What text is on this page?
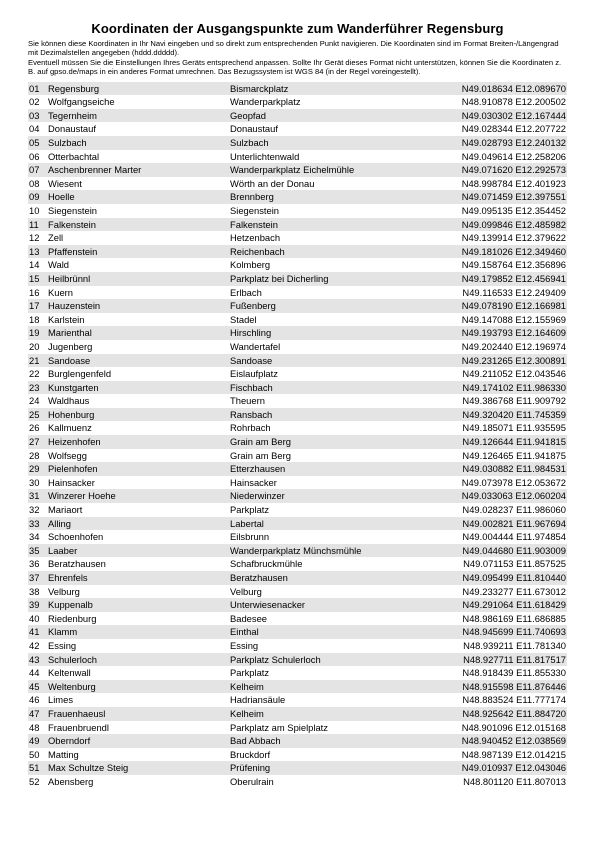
Koordinaten der Ausgangspunkte zum Wanderführer Regensburg

Sie können diese Koordinaten in Ihr Navi eingeben und so direkt zum entsprechenden Punkt navigieren. Die Koordinaten sind im Format Breiten-/Längengrad mit Dezimalstellen angegeben (hddd.ddddd).

Eventuell müssen Sie die Einstellungen Ihres Geräts entsprechend anpassen. Sollte Ihr Gerät dieses Format nicht unterstützen, können Sie die Koordinaten z. B. auf gpso.de/maps in ein anderes Format umrechnen. Das Bezugssystem ist WGS 84 (in der Regel voreingestellt).

01	Regensburg	Bismarckplatz	N49.018634 E12.089670
02	Wolfgangseiche	Wanderparkplatz	N48.910878 E12.200502
03	Tegernheim	Geopfad	N49.030302 E12.167444
04	Donaustauf	Donaustauf	N49.028344 E12.207722
05	Sulzbach	Sulzbach	N49.028793 E12.240132
06	Otterbachtal	Unterlichtenwald	N49.049614 E12.258206
07	Aschenbrenner Marter	Wanderparkplatz Eichelmühle	N49.071620 E12.292573
08	Wiesent	Wörth an der Donau	N48.998784 E12.401923
09	Hoelle	Brennberg	N49.071459 E12.397551
10	Siegenstein	Siegenstein	N49.095135 E12.354452
11	Falkenstein	Falkenstein	N49.099846 E12.485982
12	Zell	Hetzenbach	N49.139914 E12.379622
13	Pfaffenstein	Reichenbach	N49.181026 E12.349460
14	Wald	Kolmberg	N49.158764 E12.356896
15	Heilbrünnl	Parkplatz bei Dicherling	N49.179852 E12.456941
16	Kuern	Erlbach	N49.116533 E12.249409
17	Hauzenstein	Fußenberg	N49.078190 E12.166981
18	Karlstein	Stadel	N49.147088 E12.155969
19	Marienthal	Hirschling	N49.193793 E12.164609
20	Jugenberg	Wandertafel	N49.202440 E12.196974
21	Sandoase	Sandoase	N49.231265 E12.300891
22	Burglengenfeld	Eislaufplatz	N49.211052 E12.043546
23	Kunstgarten	Fischbach	N49.174102 E11.986330
24	Waldhaus	Theuern	N49.386768 E11.909792
25	Hohenburg	Ransbach	N49.320420 E11.745359
26	Kallmuenz	Rohrbach	N49.185071 E11.935595
27	Heizenhofen	Grain am Berg	N49.126644 E11.941815
28	Wolfsegg	Grain am Berg	N49.126465 E11.941875
29	Pielenhofen	Etterzhausen	N49.030882 E11.984531
30	Hainsacker	Hainsacker	N49.073978 E12.053672
31	Winzerer Hoehe	Niederwinzer	N49.033063 E12.060204
32	Mariaort	Parkplatz	N49.028237 E11.986060
33	Alling	Labertal	N49.002821 E11.967694
34	Schoenhofen	Eilsbrunn	N49.004444 E11.974854
35	Laaber	Wanderparkplatz Münchsmühle	N49.044680 E11.903009
36	Beratzhausen	Schafbruckmühle	N49.071153 E11.857525
37	Ehrenfels	Beratzhausen	N49.095499 E11.810440
38	Velburg	Velburg	N49.233277 E11.673012
39	Kuppenalb	Unterwiesenacker	N49.291064 E11.618429
40	Riedenburg	Badesee	N48.986169 E11.686885
41	Klamm	Einthal	N48.945699 E11.740693
42	Essing	Essing	N48.939211 E11.781340
43	Schulerloch	Parkplatz Schulerloch	N48.927711 E11.817517
44	Keltenwall	Parkplatz	N48.918439 E11.855330
45	Weltenburg	Kelheim	N48.915598 E11.876446
46	Limes	Hadriansäule	N48.883524 E11.777174
47	Frauenhaeusl	Kelheim	N48.925642 E11.884720
48	Frauenbruendl	Parkplatz am Spielplatz	N48.901096 E12.015168
49	Oberndorf	Bad Abbach	N48.940452 E12.038569
50	Matting	Bruckdorf	N48.987139 E12.014215
51	Max Schultze Steig	Prüfening	N49.010937 E12.043046
52	Abensberg	Oberulrain	N48.801120 E11.807013
